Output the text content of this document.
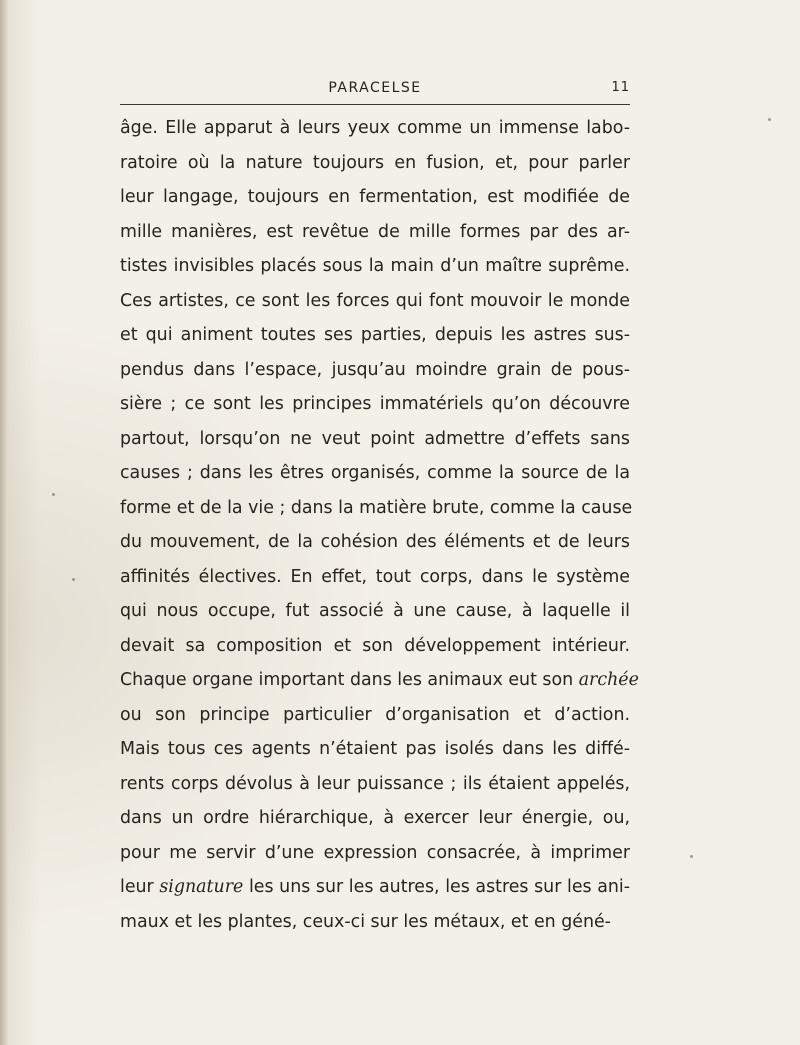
PARACELSE	11
âge. Elle apparut à leurs yeux comme un immense labo-
ratoire où la nature toujours en fusion, et, pour parler
leur langage, toujours en fermentation, est modifiée de
mille manières, est revêtue de mille formes par des ar-
tistes invisibles placés sous la main d’un maître suprême.
Ces artistes, ce sont les forces qui font mouvoir le monde
et qui animent toutes ses parties, depuis les astres sus-
pendus dans l’espace, jusqu’au moindre grain de pous-
sière ; ce sont les principes immatériels qu’on découvre
partout, lorsqu’on ne veut point admettre d’effets sans
causes ; dans les êtres organisés, comme la source de la
forme et de la vie ; dans la matière brute, comme la cause
du mouvement, de la cohésion des éléments et de leurs
affinités électives. En effet, tout corps, dans le système
qui nous occupe, fut associé à une cause, à laquelle il
devait sa composition et son développement intérieur.
Chaque organe important dans les animaux eut son archée
ou son principe particulier d’organisation et d’action.
Mais tous ces agents n’étaient pas isolés dans les diffé-
rents corps dévolus à leur puissance ; ils étaient appelés,
dans un ordre hiérarchique, à exercer leur énergie, ou,
pour me servir d’une expression consacrée, à imprimer
leur signature les uns sur les autres, les astres sur les ani-
maux et les plantes, ceux-ci sur les métaux, et en géné-
